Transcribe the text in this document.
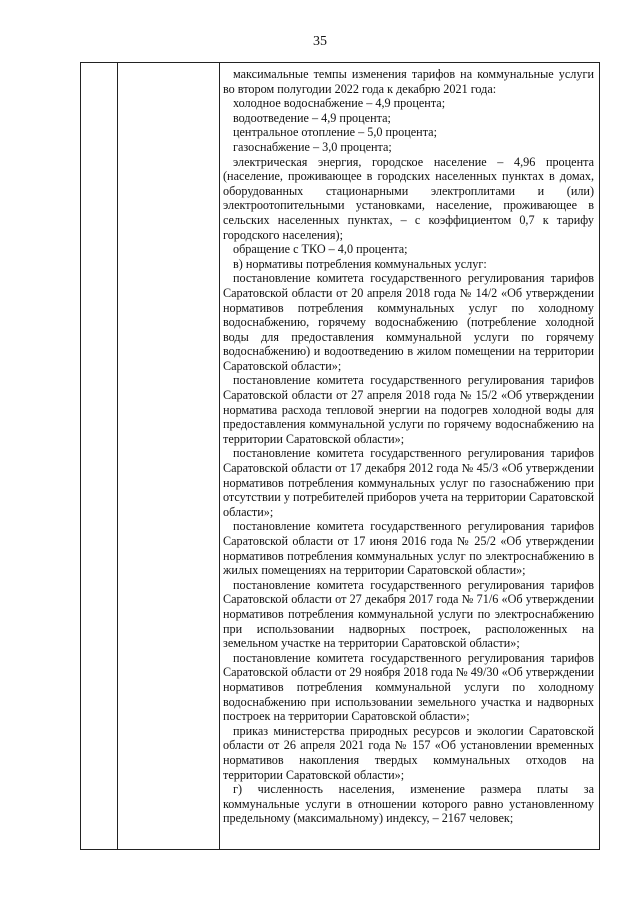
35

максимальные темпы изменения тарифов на коммунальные услуги во втором полугодии 2022 года к декабрю 2021 года:

холодное водоснабжение – 4,9 процента;

водоотведение – 4,9 процента;

центральное отопление – 5,0 процента;

газоснабжение – 3,0 процента;

электрическая энергия, городское население – 4,96 процента (население, проживающее в городских населенных пунктах в домах, оборудованных стационарными электроплитами и (или) электроотопительными установками, население, проживающее в сельских населенных пунктах, – с коэффициентом 0,7 к тарифу городского населения);

обращение с ТКО – 4,0 процента;

в) нормативы потребления коммунальных услуг:

постановление комитета государственного регулирования тарифов Саратовской области от 20 апреля 2018 года № 14/2 «Об утверждении нормативов потребления коммунальных услуг по холодному водоснабжению, горячему водоснабжению (потребление холодной воды для предоставления коммунальной услуги по горячему водоснабжению) и водоотведению в жилом помещении на территории Саратовской области»;

постановление комитета государственного регулирования тарифов Саратовской области от 27 апреля 2018 года № 15/2 «Об утверждении норматива расхода тепловой энергии на подогрев холодной воды для предоставления коммунальной услуги по горячему водоснабжению на территории Саратовской области»;

постановление комитета государственного регулирования тарифов Саратовской области от 17 декабря 2012 года № 45/3 «Об утверждении нормативов потребления коммунальных услуг по газоснабжению при отсутствии у потребителей приборов учета на территории Саратовской области»;

постановление комитета государственного регулирования тарифов Саратовской области от 17 июня 2016 года № 25/2 «Об утверждении нормативов потребления коммунальных услуг по электроснабжению в жилых помещениях на территории Саратовской области»;

постановление комитета государственного регулирования тарифов Саратовской области от 27 декабря 2017 года № 71/6 «Об утверждении нормативов потребления коммунальной услуги по электроснабжению при использовании надворных построек, расположенных на земельном участке на территории Саратовской области»;

постановление комитета государственного регулирования тарифов Саратовской области от 29 ноября 2018 года № 49/30 «Об утверждении нормативов потребления коммунальной услуги по холодному водоснабжению при использовании земельного участка и надворных построек на территории Саратовской области»;

приказ министерства природных ресурсов и экологии Саратовской области от 26 апреля 2021 года № 157 «Об установлении временных нормативов накопления твердых коммунальных отходов на территории Саратовской области»;

г) численность населения, изменение размера платы за коммунальные услуги в отношении которого равно установленному предельному (максимальному) индексу, – 2167 человек;
